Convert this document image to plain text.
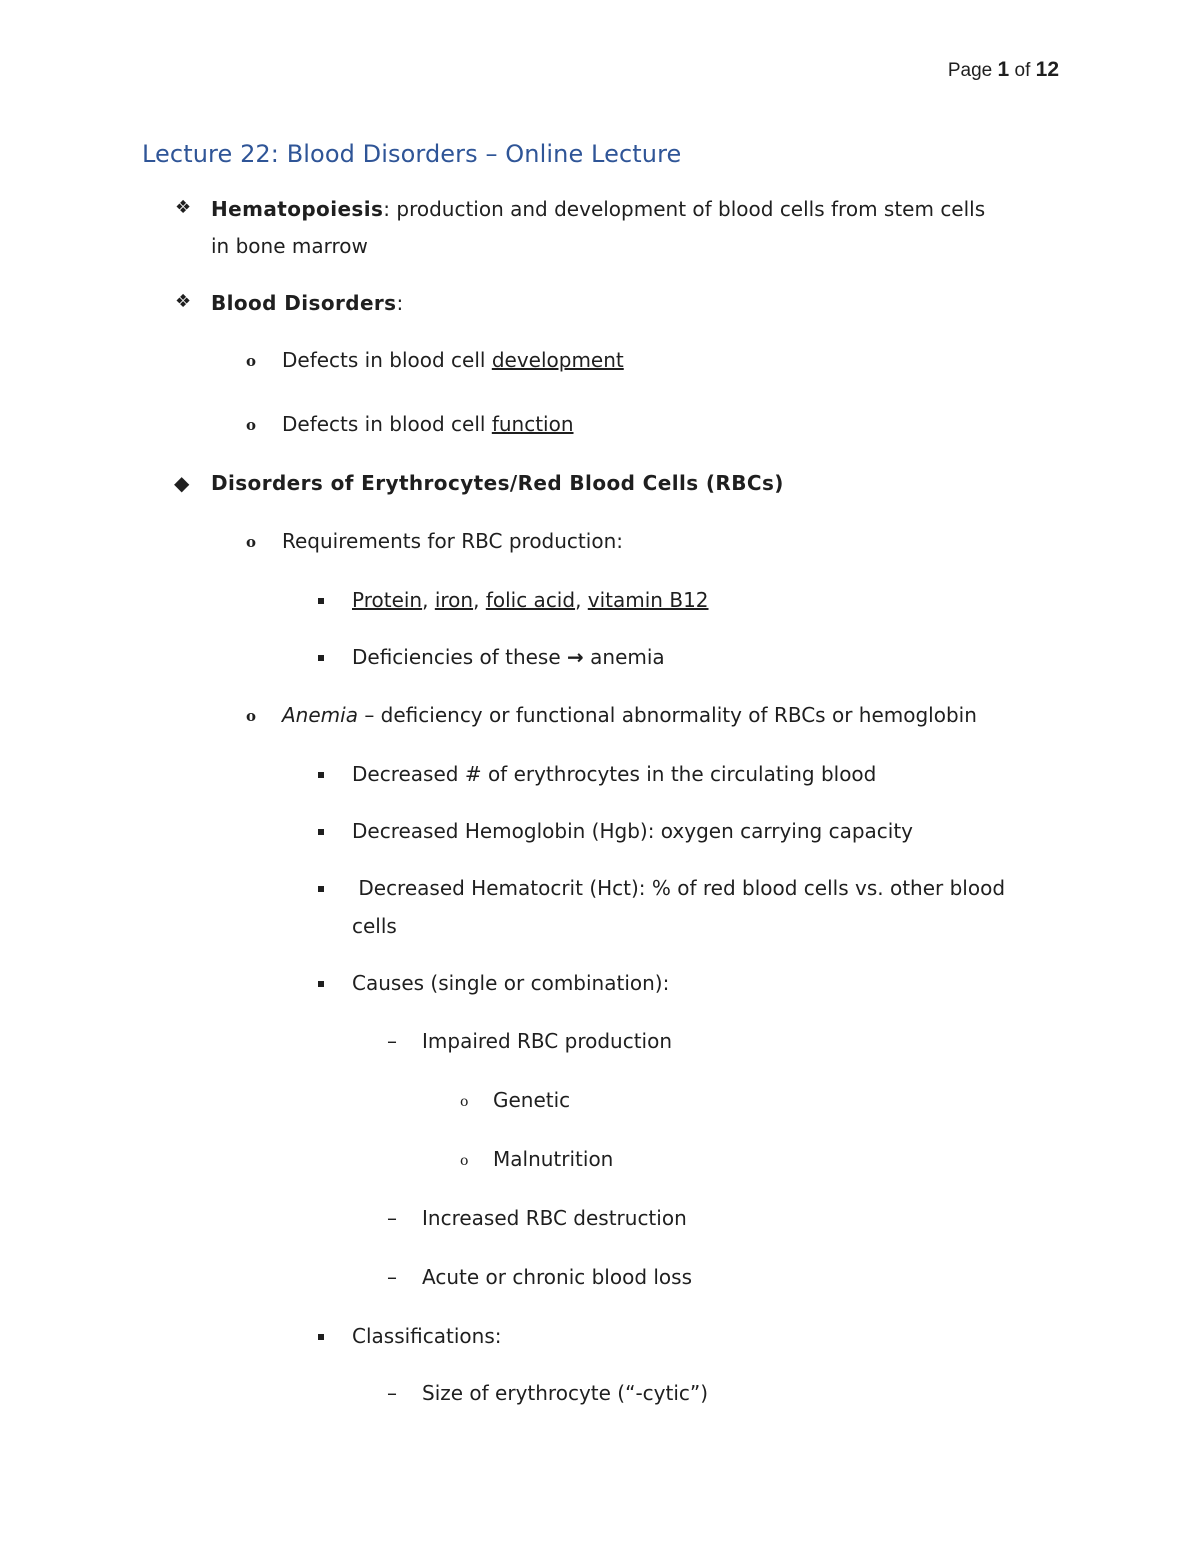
Page 1 of 12
Lecture 22: Blood Disorders – Online Lecture
❖ Hematopoiesis: production and development of blood cells from stem cells
in bone marrow
❖ Blood Disorders:
o Defects in blood cell development
o Defects in blood cell function
◆ Disorders of Erythrocytes/Red Blood Cells (RBCs)
o Requirements for RBC production:
Protein, iron, folic acid, vitamin B12
Deficiencies of these → anemia
o Anemia – deficiency or functional abnormality of RBCs or hemoglobin
Decreased # of erythrocytes in the circulating blood
Decreased Hemoglobin (Hgb): oxygen carrying capacity
Decreased Hematocrit (Hct): % of red blood cells vs. other blood
cells
Causes (single or combination):
– Impaired RBC production
o Genetic
o Malnutrition
– Increased RBC destruction
– Acute or chronic blood loss
Classifications:
– Size of erythrocyte (“-cytic”)
